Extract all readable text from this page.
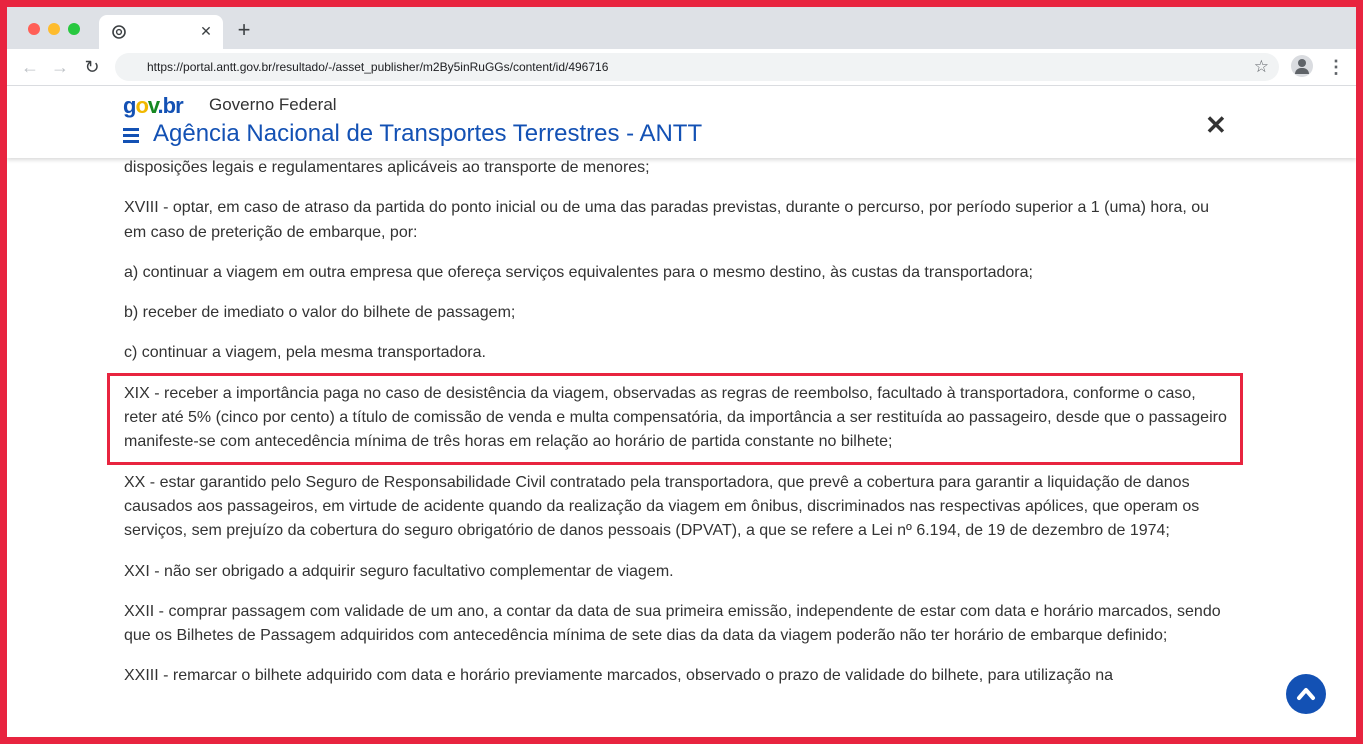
✕ +
← → ↻	https://portal.antt.gov.br/resultado/-/asset_publisher/m2By5inRuGGs/content/id/496716	☆	⋮
gov.br Governo Federal
Agência Nacional de Transportes Terrestres - ANTT	✕

disposições legais e regulamentares aplicáveis ao transporte de menores;

XVIII - optar, em caso de atraso da partida do ponto inicial ou de uma das paradas previstas, durante o percurso, por período superior a 1 (uma) hora, ou em caso de preterição de embarque, por:

a) continuar a viagem em outra empresa que ofereça serviços equivalentes para o mesmo destino, às custas da transportadora;

b) receber de imediato o valor do bilhete de passagem;

c) continuar a viagem, pela mesma transportadora.

XIX - receber a importância paga no caso de desistência da viagem, observadas as regras de reembolso, facultado à transportadora, conforme o caso, reter até 5% (cinco por cento) a título de comissão de venda e multa compensatória, da importância a ser restituída ao passageiro, desde que o passageiro manifeste-se com antecedência mínima de três horas em relação ao horário de partida constante no bilhete;

XX - estar garantido pelo Seguro de Responsabilidade Civil contratado pela transportadora, que prevê a cobertura para garantir a liquidação de danos causados aos passageiros, em virtude de acidente quando da realização da viagem em ônibus, discriminados nas respectivas apólices, que operam os serviços, sem prejuízo da cobertura do seguro obrigatório de danos pessoais (DPVAT), a que se refere a Lei nº 6.194, de 19 de dezembro de 1974;

XXI - não ser obrigado a adquirir seguro facultativo complementar de viagem.

XXII - comprar passagem com validade de um ano, a contar da data de sua primeira emissão, independente de estar com data e horário marcados, sendo que os Bilhetes de Passagem adquiridos com antecedência mínima de sete dias da data da viagem poderão não ter horário de embarque definido;

XXIII - remarcar o bilhete adquirido com data e horário previamente marcados, observado o prazo de validade do bilhete, para utilização na
